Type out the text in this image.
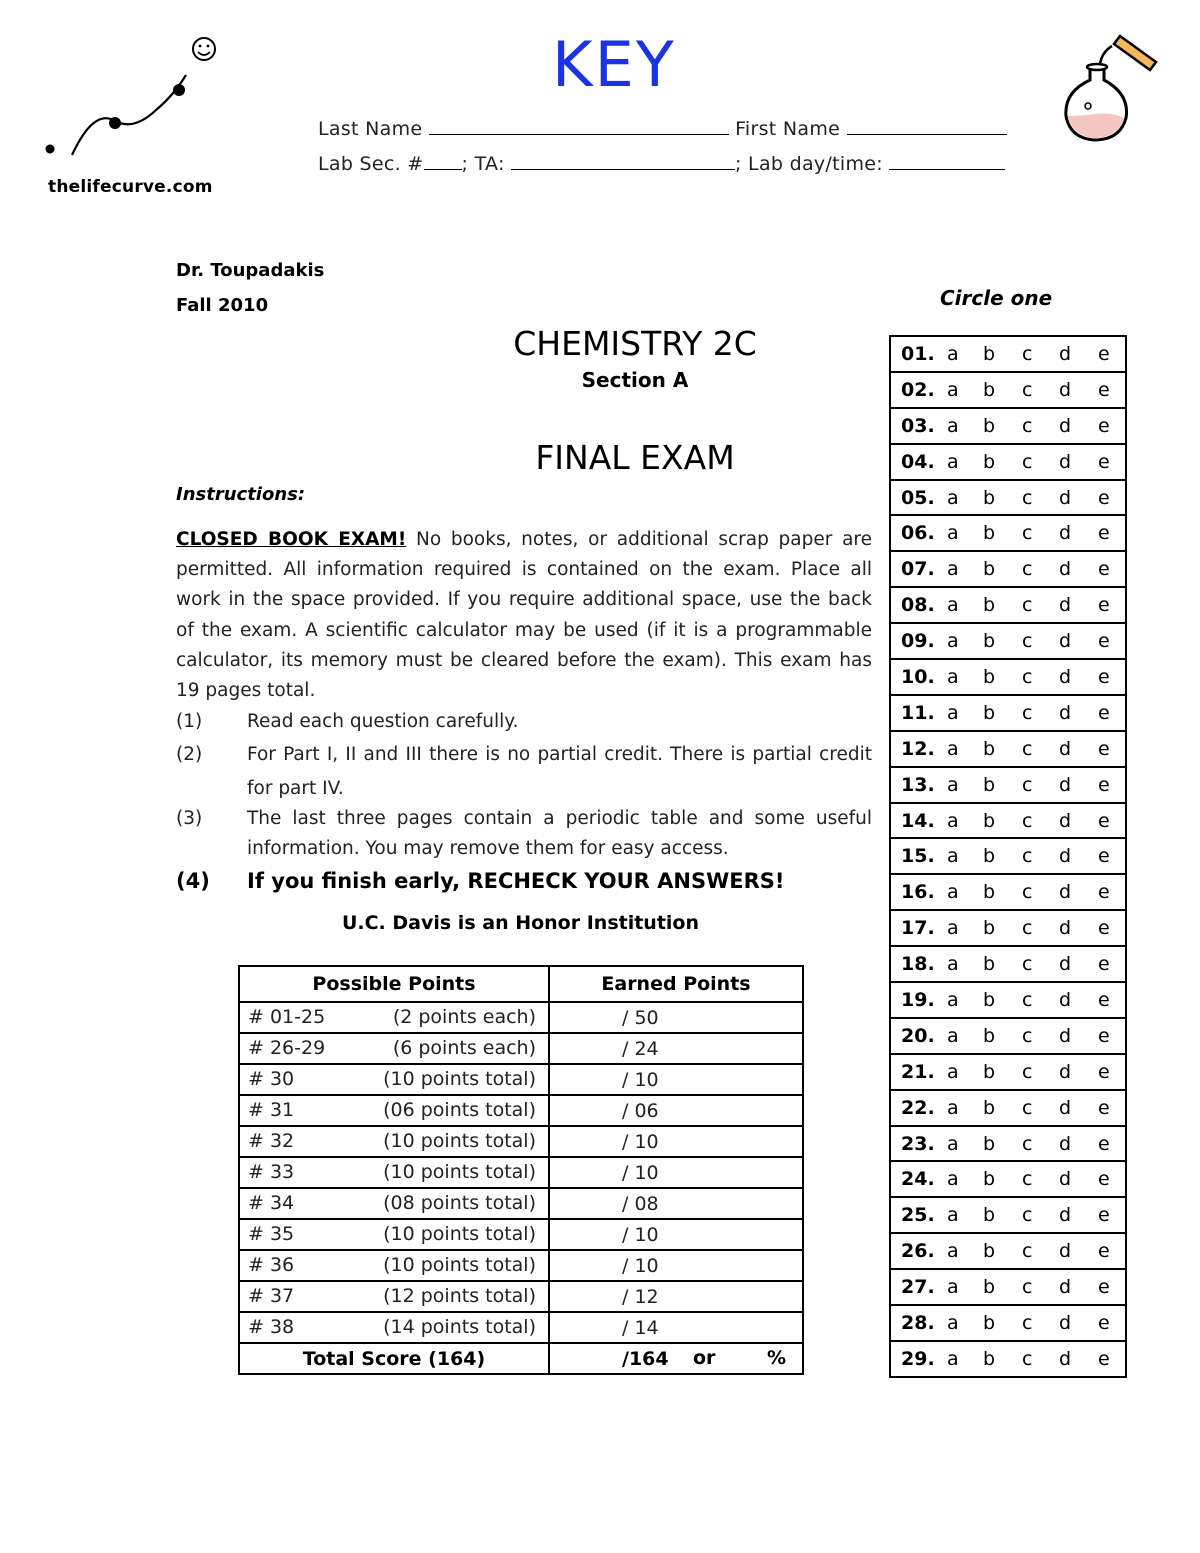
thelifecurve.com
KEY
Last Name	First Name
Lab Sec. # ; TA:	; Lab day/time:
Dr. Toupadakis
Fall 2010	Circle one
CHEMISTRY 2C
Section A
FINAL EXAM
Instructions:
CLOSED BOOK EXAM! No books, notes, or additional scrap paper are permitted. All information required is contained on the exam. Place all work in the space provided. If you require additional space, use the back of the exam. A scientific calculator may be used (if it is a programmable calculator, its memory must be cleared before the exam). This exam has 19 pages total.
(1) Read each question carefully.
(2) For Part I, II and III there is no partial credit. There is partial credit for part IV.
(3) The last three pages contain a periodic table and some useful information. You may remove them for easy access.
(4) If you finish early, RECHECK YOUR ANSWERS!
U.C. Davis is an Honor Institution
Possible Points	Earned Points

# 01-25 (2 points each)	/ 50

# 26-29 (6 points each)	/ 24

# 30 (10 points total)	/ 10

# 31 (06 points total)	/ 06

# 32 (10 points total)	/ 10

# 33 (10 points total)	/ 10

# 34 (08 points total)	/ 08

# 35 (10 points total)	/ 10

# 36 (10 points total)	/ 10

# 37 (12 points total)	/ 12

# 38 (14 points total)	/ 14
Total Score (164)	/164 or %
01. a b c d e
02. a b c d e
03. a b c d e
04. a b c d e
05. a b c d e
06. a b c d e
07. a b c d e
08. a b c d e
09. a b c d e
10. a b c d e
11. a b c d e
12. a b c d e
13. a b c d e
14. a b c d e
15. a b c d e
16. a b c d e
17. a b c d e
18. a b c d e
19. a b c d e
20. a b c d e
21. a b c d e
22. a b c d e
23. a b c d e
24. a b c d e
25. a b c d e
26. a b c d e
27. a b c d e
28. a b c d e
29. a b c d e
